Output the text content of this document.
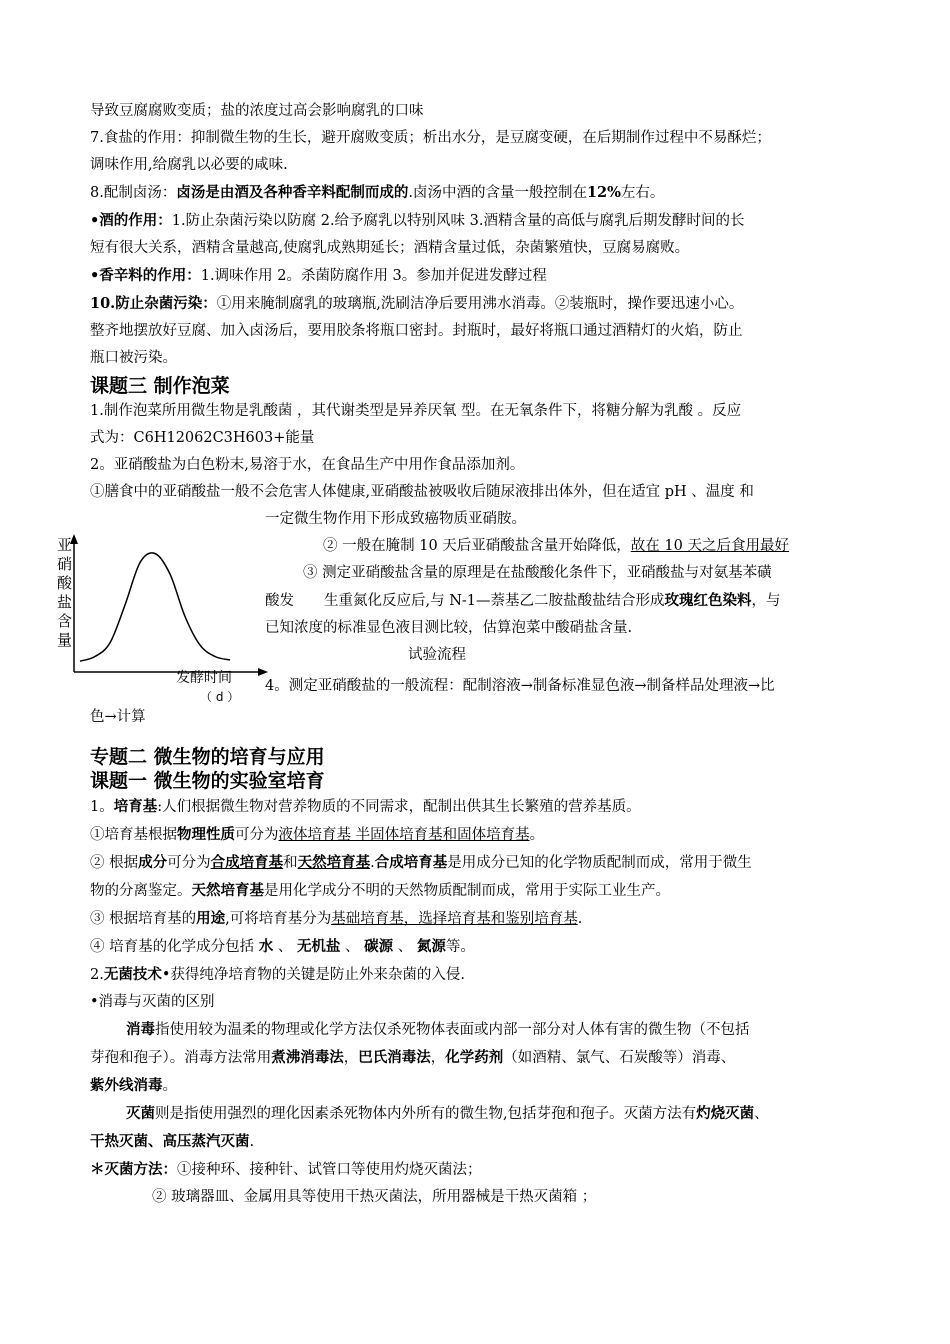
亚
硝
酸
盐
含
量
发酵时间
（ d ）

导致豆腐腐败变质；盐的浓度过高会影响腐乳的口味

7.食盐的作用：抑制微生物的生长，避开腐败变质；析出水分，是豆腐变硬，在后期制作过程中不易酥烂；

调味作用,给腐乳以必要的咸味.

8.配制卤汤：卤汤是由酒及各种香辛料配制而成的.卤汤中酒的含量一般控制在12%左右。

•酒的作用：1.防止杂菌污染以防腐 2.给予腐乳以特别风味 3.酒精含量的高低与腐乳后期发酵时间的长

短有很大关系，酒精含量越高,使腐乳成熟期延长；酒精含量过低，杂菌繁殖快，豆腐易腐败。

•香辛料的作用：1.调味作用 2。杀菌防腐作用 3。参加并促进发酵过程

10.防止杂菌污染：①用来腌制腐乳的玻璃瓶,洗刷洁净后要用沸水消毒。②装瓶时，操作要迅速小心。

整齐地摆放好豆腐、加入卤汤后，要用胶条将瓶口密封。封瓶时，最好将瓶口通过酒精灯的火焰，防止

瓶口被污染。

课题三 制作泡菜

1.制作泡菜所用微生物是乳酸菌 ，其代谢类型是异养厌氧 型。在无氧条件下，将糖分解为乳酸 。反应

式为：C6H12062C3H603+能量

2。亚硝酸盐为白色粉末,易溶于水，在食品生产中用作食品添加剂。

①膳食中的亚硝酸盐一般不会危害人体健康,亚硝酸盐被吸收后随尿液排出体外，但在适宜 pH 、温度 和

一定微生物作用下形成致癌物质亚硝胺。

② 一般在腌制 10 天后亚硝酸盐含量开始降低，故在 10 天之后食用最好

③ 测定亚硝酸盐含量的原理是在盐酸酸化条件下，亚硝酸盐与对氨基苯磺

酸发 生重氮化反应后,与 N-1—萘基乙二胺盐酸盐结合形成玫瑰红色染料，与

已知浓度的标准显色液目测比较，估算泡菜中酸硝盐含量.

试验流程

4。测定亚硝酸盐的一般流程：配制溶液→制备标准显色液→制备样品处理液→比

色→计算

专题二 微生物的培育与应用
课题一 微生物的实验室培育

1。培育基:人们根据微生物对营养物质的不同需求，配制出供其生长繁殖的营养基质。

①培育基根据物理性质可分为液体培育基 半固体培育基和固体培育基。

② 根据成分可分为合成培育基和天然培育基.合成培育基是用成分已知的化学物质配制而成，常用于微生

物的分离鉴定。天然培育基是用化学成分不明的天然物质配制而成，常用于实际工业生产。

③ 根据培育基的用途,可将培育基分为基础培育基，选择培育基和鉴别培育基.

④ 培育基的化学成分包括 水 、 无机盐 、 碳源 、 氮源等。

2.无菌技术•获得纯净培育物的关键是防止外来杂菌的入侵.

•消毒与灭菌的区别

消毒指使用较为温柔的物理或化学方法仅杀死物体表面或内部一部分对人体有害的微生物（不包括

芽孢和孢子）。消毒方法常用煮沸消毒法，巴氏消毒法，化学药剂（如酒精、氯气、石炭酸等）消毒、

紫外线消毒。

灭菌则是指使用强烈的理化因素杀死物体内外所有的微生物,包括芽孢和孢子。灭菌方法有灼烧灭菌、

干热灭菌、高压蒸汽灭菌.

＊灭菌方法：①接种环、接种针、试管口等使用灼烧灭菌法；

② 玻璃器皿、金属用具等使用干热灭菌法，所用器械是干热灭菌箱 ；
